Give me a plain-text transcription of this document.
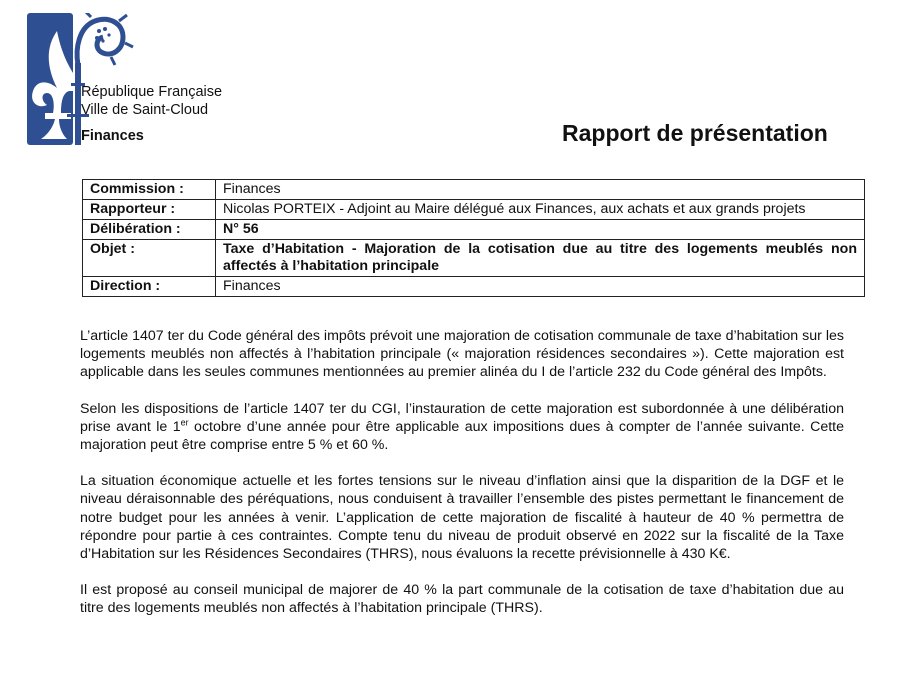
République Française
Ville de Saint-Cloud
Finances	Rapport de présentation
Commission :	Finances
Rapporteur :	Nicolas PORTEIX - Adjoint au Maire délégué aux Finances, aux achats et aux grands projets
Délibération :	N° 56
Objet :	Taxe d’Habitation - Majoration de la cotisation due au titre des logements meublés non affectés à l’habitation principale
Direction :	Finances

L’article 1407 ter du Code général des impôts prévoit une majoration de cotisation communale de taxe d’habitation sur les logements meublés non affectés à l’habitation principale (« majoration résidences secondaires »). Cette majoration est applicable dans les seules communes mentionnées au premier alinéa du I de l’article 232 du Code général des Impôts.

Selon les dispositions de l’article 1407 ter du CGI, l’instauration de cette majoration est subordonnée à une délibération prise avant le 1er octobre d’une année pour être applicable aux impositions dues à compter de l’année suivante. Cette majoration peut être comprise entre 5 % et 60 %.

La situation économique actuelle et les fortes tensions sur le niveau d’inflation ainsi que la disparition de la DGF et le niveau déraisonnable des péréquations, nous conduisent à travailler l’ensemble des pistes permettant le financement de notre budget pour les années à venir. L’application de cette majoration de fiscalité à hauteur de 40 % permettra de répondre pour partie à ces contraintes. Compte tenu du niveau de produit observé en 2022 sur la fiscalité de la Taxe d’Habitation sur les Résidences Secondaires (THRS), nous évaluons la recette prévisionnelle à 430 K€.

Il est proposé au conseil municipal de majorer de 40 % la part communale de la cotisation de taxe d’habitation due au titre des logements meublés non affectés à l’habitation principale (THRS).
